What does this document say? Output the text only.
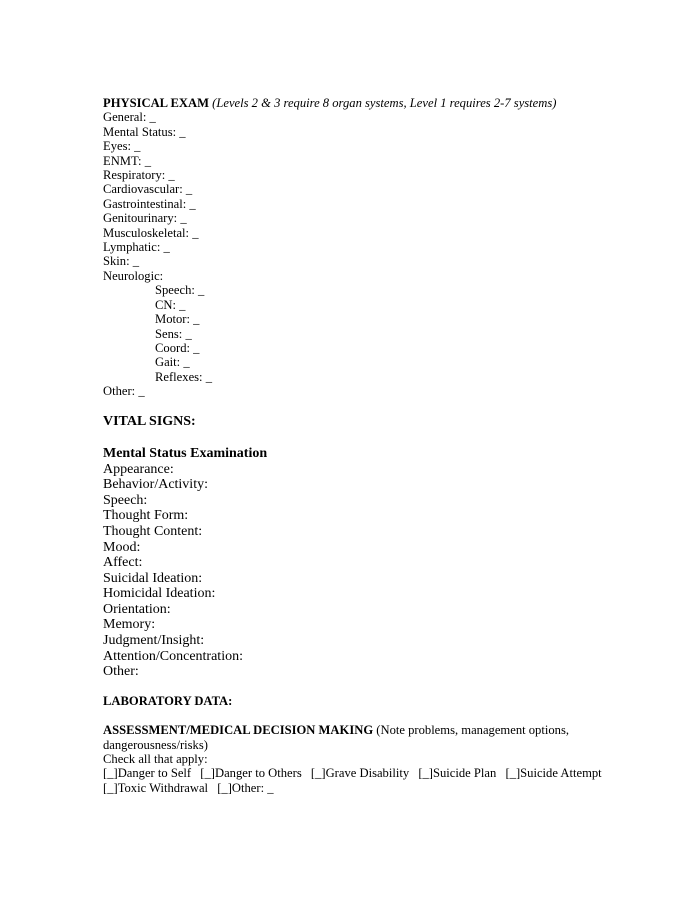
PHYSICAL EXAM (Levels 2 & 3 require 8 organ systems, Level 1 requires 2-7 systems)
General: _
Mental Status: _
Eyes: _
ENMT: _
Respiratory: _
Cardiovascular: _
Gastrointestinal: _
Genitourinary: _
Musculoskeletal: _
Lymphatic: _
Skin: _
Neurologic:
Speech: _
CN: _
Motor: _
Sens: _
Coord: _
Gait: _
Reflexes: _
Other: _
VITAL SIGNS:
Mental Status Examination
Appearance:
Behavior/Activity:
Speech:
Thought Form:
Thought Content:
Mood:
Affect:
Suicidal Ideation:
Homicidal Ideation:
Orientation:
Memory:
Judgment/Insight:
Attention/Concentration:
Other:
LABORATORY DATA:
ASSESSMENT/MEDICAL DECISION MAKING (Note problems, management options, dangerousness/risks)
Check all that apply:
[_]Danger to Self [_]Danger to Others [_]Grave Disability [_]Suicide Plan [_]Suicide Attempt
[_]Toxic Withdrawal [_]Other: _
